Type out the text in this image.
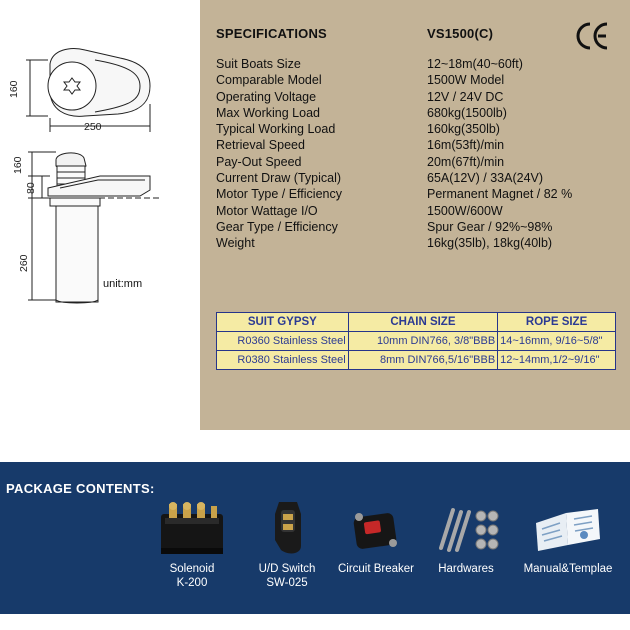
160
250
160
80
260
unit:mm
SPECIFICATIONS	VS1500(C)
Suit Boats Size	12~18m(40~60ft)
Comparable Model	1500W Model
Operating Voltage	12V / 24V DC
Max Working Load	680kg(1500lb)
Typical Working Load	160kg(350lb)
Retrieval Speed	16m(53ft)/min
Pay-Out Speed	20m(67ft)/min
Current Draw (Typical)	65A(12V) / 33A(24V)
Motor Type / Efficiency	Permanent Magnet / 82 %
Motor Wattage I/O	1500W/600W
Gear Type / Efficiency	Spur Gear / 92%~98%
Weight	16kg(35lb), 18kg(40lb)
SUIT GYPSY	CHAIN SIZE	ROPE SIZE
R0360 Stainless Steel	10mm DIN766, 3/8"BBB	14~16mm, 9/16~5/8"
R0380 Stainless Steel	8mm DIN766,5/16"BBB	12~14mm,1/2~9/16"
PACKAGE CONTENTS:
Solenoid
K-200
U/D Switch
SW-025
Circuit Breaker	Hardwares	Manual&Templae
